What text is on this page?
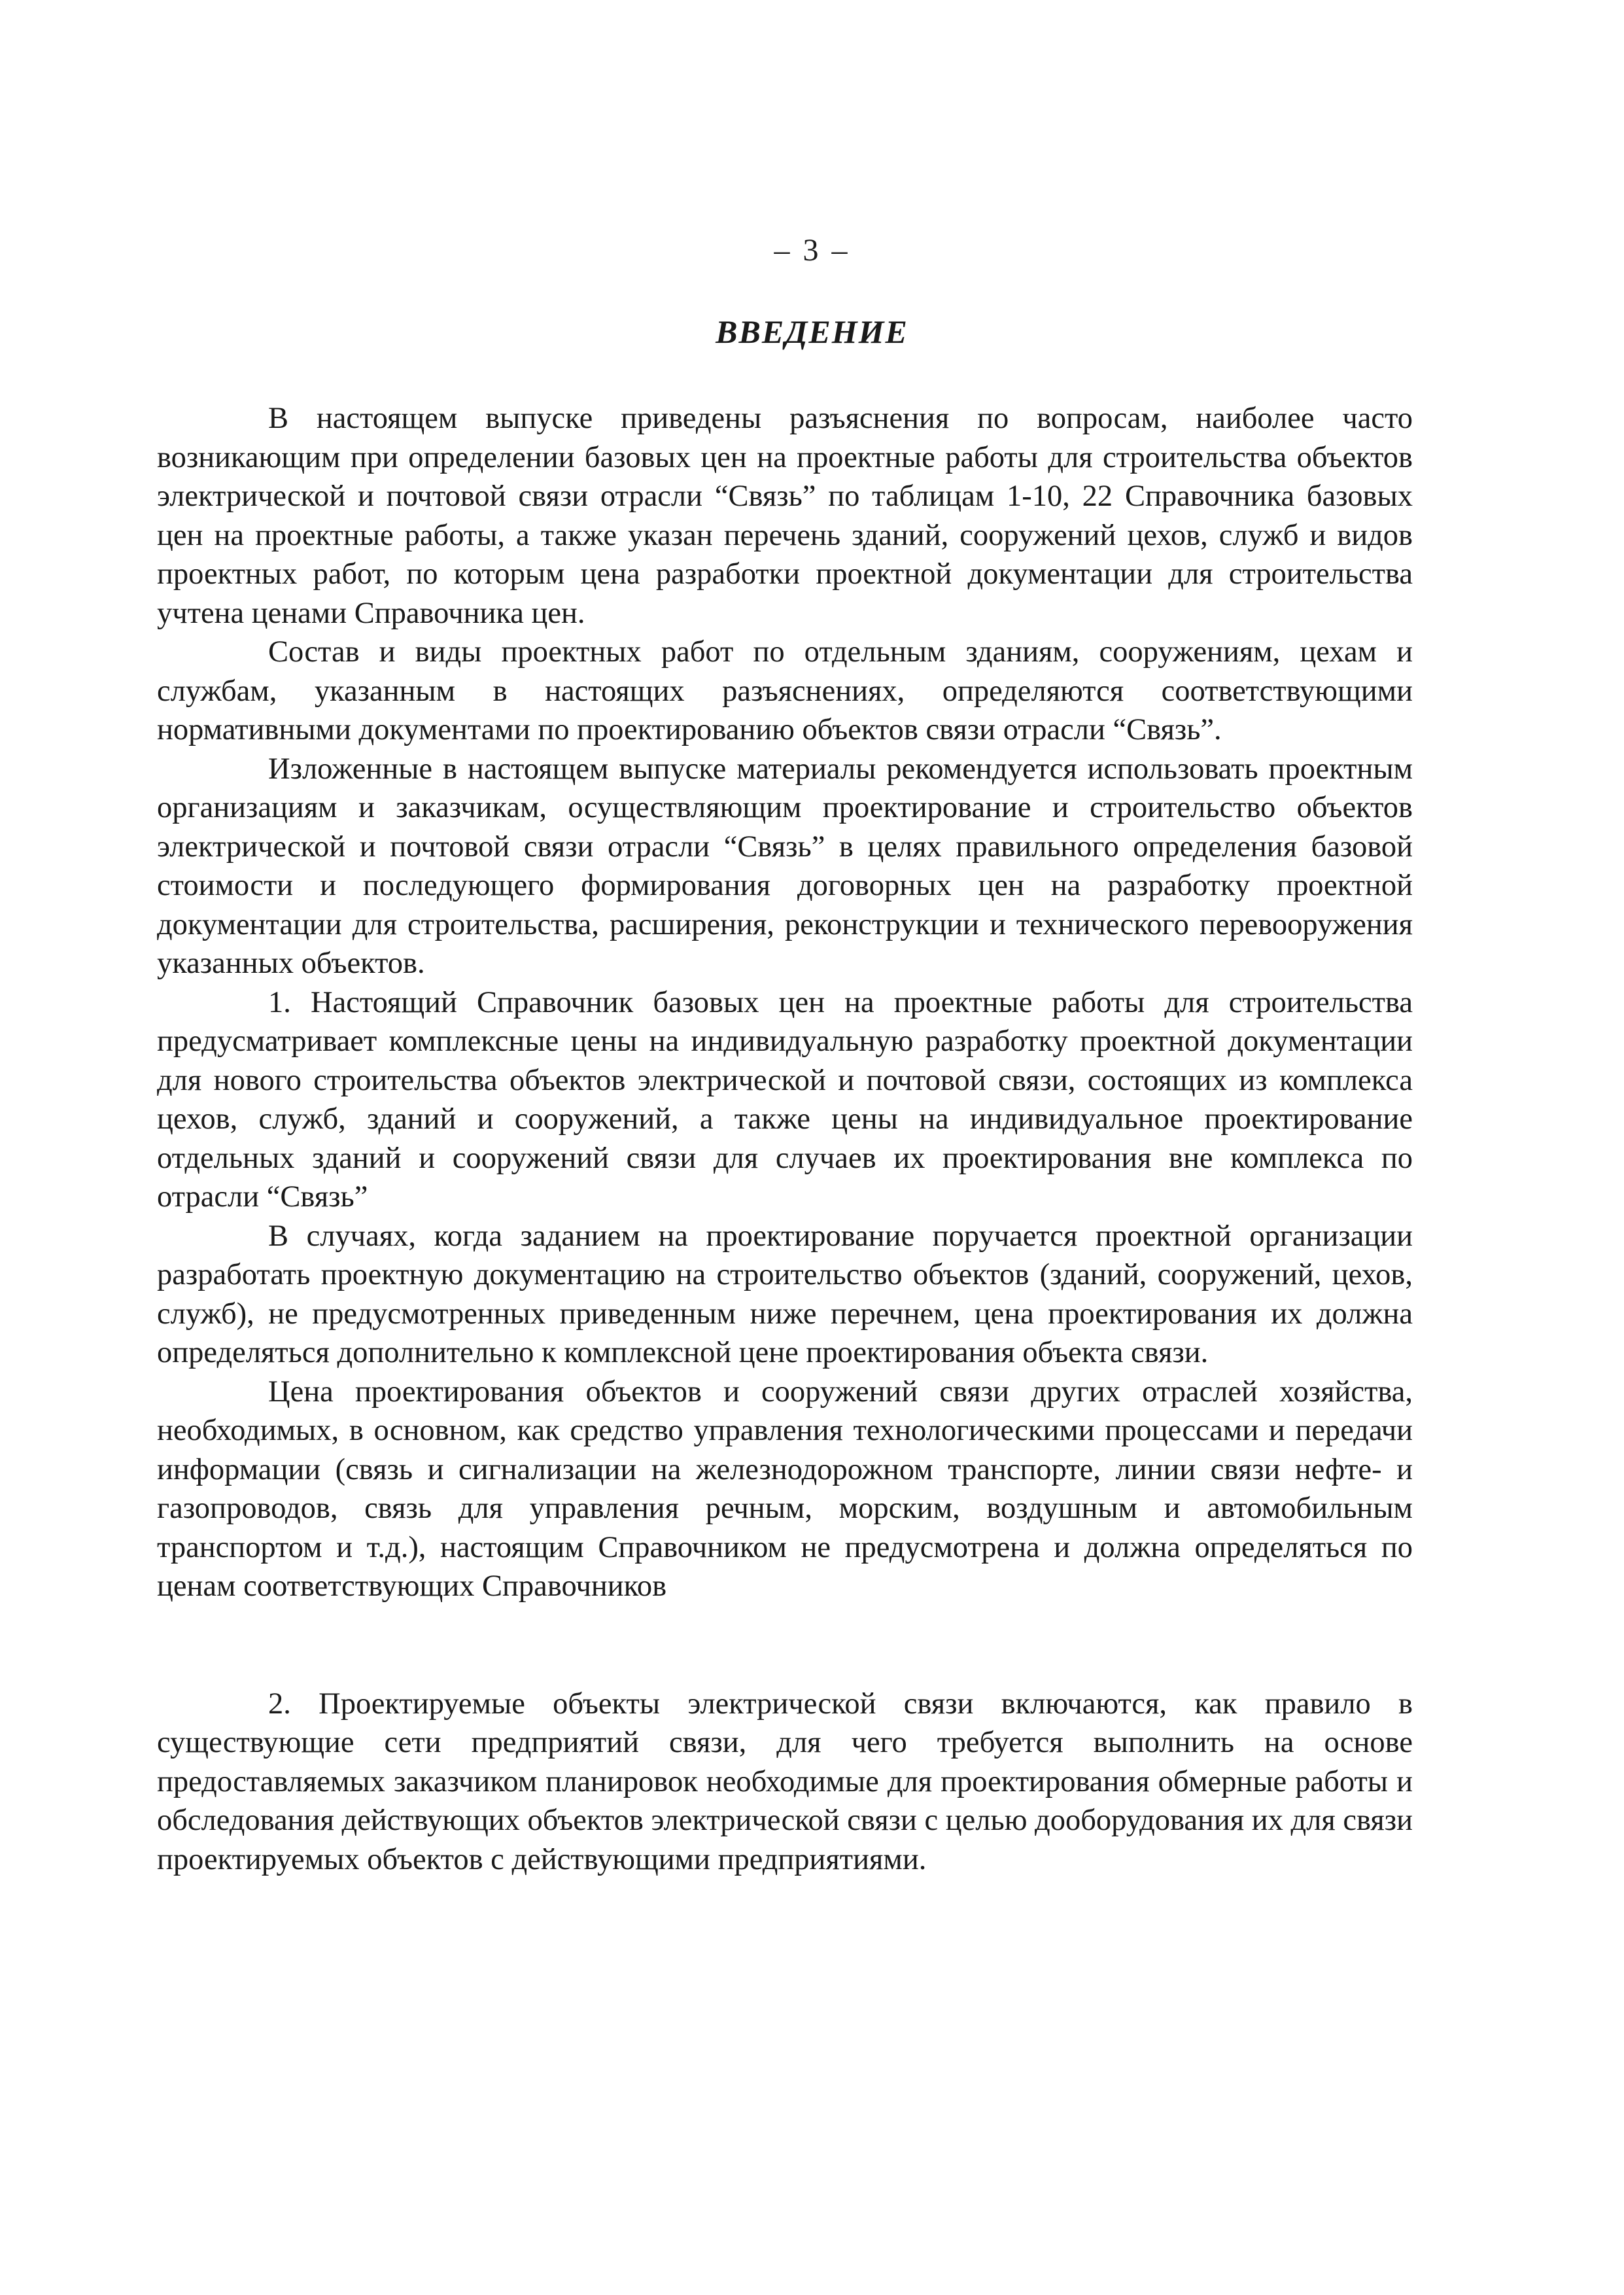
– 3 –
ВВЕДЕНИЕ

В настоящем выпуске приведены разъяснения по вопросам, наиболее часто возникающим при определении базовых цен на проектные работы для строительства объектов электрической и почтовой связи отрасли “Связь” по таблицам 1-10, 22 Справочника базовых цен на проектные работы, а также указан перечень зданий, сооружений цехов, служб и видов проектных работ, по которым цена разработки проектной документации для строительства учтена ценами Справочника цен.

Состав и виды проектных работ по отдельным зданиям, сооружениям, цехам и службам, указанным в настоящих разъяснениях, определяются соответствующими нормативными документами по проектированию объектов связи отрасли “Связь”.

Изложенные в настоящем выпуске материалы рекомендуется использовать проектным организациям и заказчикам, осуществляющим проектирование и строительство объектов электрической и почтовой связи отрасли “Связь” в целях правильного определения базовой стоимости и последующего формирования договорных цен на разработку проектной документации для строительства, расширения, реконструкции и технического перевооружения указанных объектов.

1. Настоящий Справочник базовых цен на проектные работы для строительства предусматривает комплексные цены на индивидуальную разработку проектной документации для нового строительства объектов электрической и почтовой связи, состоящих из комплекса цехов, служб, зданий и сооружений, а также цены на индивидуальное проектирование отдельных зданий и сооружений связи для случаев их проектирования вне комплекса по отрасли “Связь”

В случаях, когда заданием на проектирование поручается проектной организации разработать проектную документацию на строительство объектов (зданий, сооружений, цехов, служб), не предусмотренных приведенным ниже перечнем, цена проектирования их должна определяться дополнительно к комплексной цене проектирования объекта связи.

Цена проектирования объектов и сооружений связи других отраслей хозяйства, необходимых, в основном, как средство управления технологическими процессами и передачи информации (связь и сигнализации на железнодорожном транспорте, линии связи нефте- и газопроводов, связь для управления речным, морским, воздушным и автомобильным транспортом и т.д.), настоящим Справочником не предусмотрена и должна определяться по ценам соответствующих Справочников

2. Проектируемые объекты электрической связи включаются, как правило в существующие сети предприятий связи, для чего требуется выполнить на основе предоставляемых заказчиком планировок необходимые для проектирования обмерные работы и обследования действующих объектов электрической связи с целью дооборудования их для связи проектируемых объектов с действующими предприятиями.
